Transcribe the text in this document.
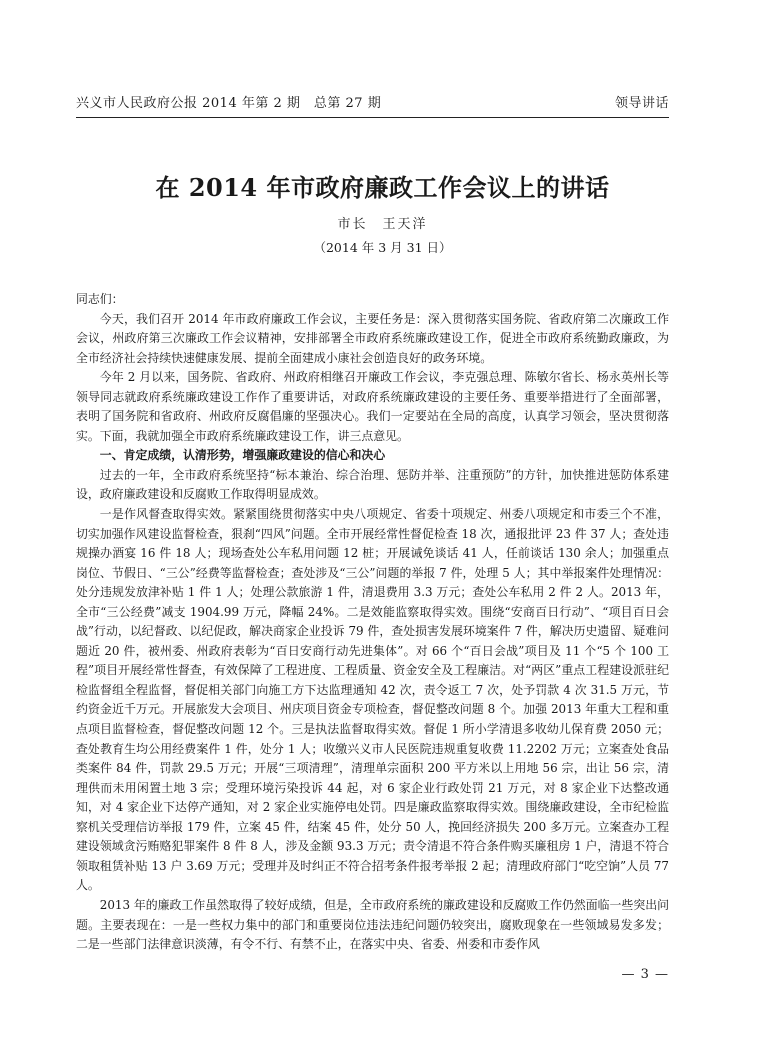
兴义市人民政府公报 2014 年第 2 期　总第 27 期	领导讲话
在 2014 年市政府廉政工作会议上的讲话
市长　王天洋
（2014 年 3 月 31 日）

同志们：

今天，我们召开 2014 年市政府廉政工作会议，主要任务是：深入贯彻落实国务院、省政府第二次廉政工作会议，州政府第三次廉政工作会议精神，安排部署全市政府系统廉政建设工作，促进全市政府系统勤政廉政，为全市经济社会持续快速健康发展、提前全面建成小康社会创造良好的政务环境。

今年 2 月以来，国务院、省政府、州政府相继召开廉政工作会议，李克强总理、陈敏尔省长、杨永英州长等领导同志就政府系统廉政建设工作作了重要讲话，对政府系统廉政建设的主要任务、重要举措进行了全面部署，表明了国务院和省政府、州政府反腐倡廉的坚强决心。我们一定要站在全局的高度，认真学习领会，坚决贯彻落实。下面，我就加强全市政府系统廉政建设工作，讲三点意见。

一、肯定成绩，认清形势，增强廉政建设的信心和决心

过去的一年，全市政府系统坚持“标本兼治、综合治理、惩防并举、注重预防”的方针，加快推进惩防体系建设，政府廉政建设和反腐败工作取得明显成效。

一是作风督查取得实效。紧紧围绕贯彻落实中央八项规定、省委十项规定、州委八项规定和市委三个不准，切实加强作风建设监督检查，狠刹“四风”问题。全市开展经常性督促检查 18 次，通报批评 23 件 37 人；查处违规操办酒宴 16 件 18 人；现场查处公车私用问题 12 桩；开展诫免谈话 41 人，任前谈话 130 余人；加强重点岗位、节假日、“三公”经费等监督检查；查处涉及“三公”问题的举报 7 件，处理 5 人；其中举报案件处理情况：处分违规发放津补贴 1 件 1 人；处理公款旅游 1 件，清退费用 3.3 万元；查处公车私用 2 件 2 人。2013 年，全市“三公经费”减支 1904.99 万元，降幅 24%。二是效能监察取得实效。围绕“安商百日行动”、“项目百日会战”行动，以纪督政、以纪促政，解决商家企业投诉 79 件，查处损害发展环境案件 7 件，解决历史遗留、疑难问题近 20 件，被州委、州政府表彰为“百日安商行动先进集体”。对 66 个“百日会战”项目及 11 个“5 个 100 工程”项目开展经常性督查，有效保障了工程进度、工程质量、资金安全及工程廉洁。对“两区”重点工程建设派驻纪检监督组全程监督，督促相关部门向施工方下达监理通知 42 次，责令返工 7 次，处予罚款 4 次 31.5 万元，节约资金近千万元。开展旅发大会项目、州庆项目资金专项检查，督促整改问题 8 个。加强 2013 年重大工程和重点项目监督检查，督促整改问题 12 个。三是执法监督取得实效。督促 1 所小学清退多收幼儿保育费 2050 元；查处教育生均公用经费案件 1 件，处分 1 人；收缴兴义市人民医院违规重复收费 11.2202 万元；立案查处食品类案件 84 件，罚款 29.5 万元；开展“三项清理”，清理单宗面积 200 平方米以上用地 56 宗，出让 56 宗，清理供而未用闲置土地 3 宗；受理环境污染投诉 44 起，对 6 家企业行政处罚 21 万元，对 8 家企业下达整改通知，对 4 家企业下达停产通知，对 2 家企业实施停电处罚。四是廉政监察取得实效。围绕廉政建设，全市纪检监察机关受理信访举报 179 件，立案 45 件，结案 45 件，处分 50 人，挽回经济损失 200 多万元。立案查办工程建设领域贪污贿赂犯罪案件 8 件 8 人，涉及金额 93.3 万元；责令清退不符合条件购买廉租房 1 户，清退不符合领取租赁补贴 13 户 3.69 万元；受理并及时纠正不符合招考条件报考举报 2 起；清理政府部门“吃空饷”人员 77 人。

2013 年的廉政工作虽然取得了较好成绩，但是，全市政府系统的廉政建设和反腐败工作仍然面临一些突出问题。主要表现在：一是一些权力集中的部门和重要岗位违法违纪问题仍较突出，腐败现象在一些领域易发多发；二是一些部门法律意识淡薄，有令不行、有禁不止，在落实中央、省委、州委和市委作风

— 3 —
